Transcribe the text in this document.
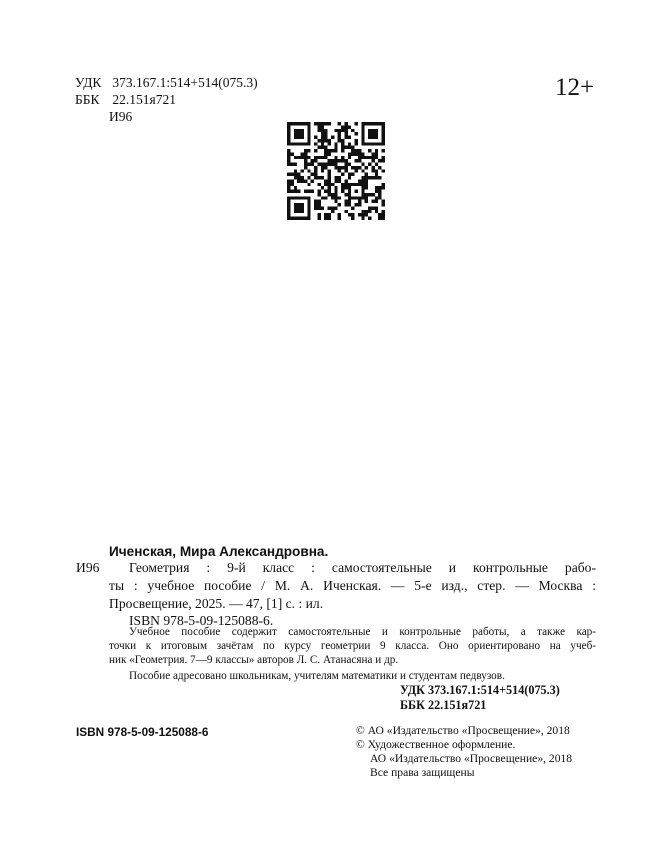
УДК 373.167.1:514+514(075.3)
ББК 22.151я721
И96
12+
Иченская, Мира Александровна.
И96 Геометрия : 9-й класс : самостоятельные и контрольные рабо-
ты : учебное пособие / М. А. Иченская. — 5-е изд., стер. — Москва :
Просвещение, 2025. — 47, [1] с. : ил.
ISBN 978-5-09-125088-6.
Учебное пособие содержит самостоятельные и контрольные работы, а также кар-
точки к итоговым зачётам по курсу геометрии 9 класса. Оно ориентировано на учеб-
ник «Геометрия. 7—9 классы» авторов Л. С. Атанасяна и др.
Пособие адресовано школьникам, учителям математики и студентам педвузов.
УДК 373.167.1:514+514(075.3)
ББК 22.151я721
ISBN 978-5-09-125088-6	© АО «Издательство «Просвещение», 2018
© Художественное оформление.
АО «Издательство «Просвещение», 2018
Все права защищены
